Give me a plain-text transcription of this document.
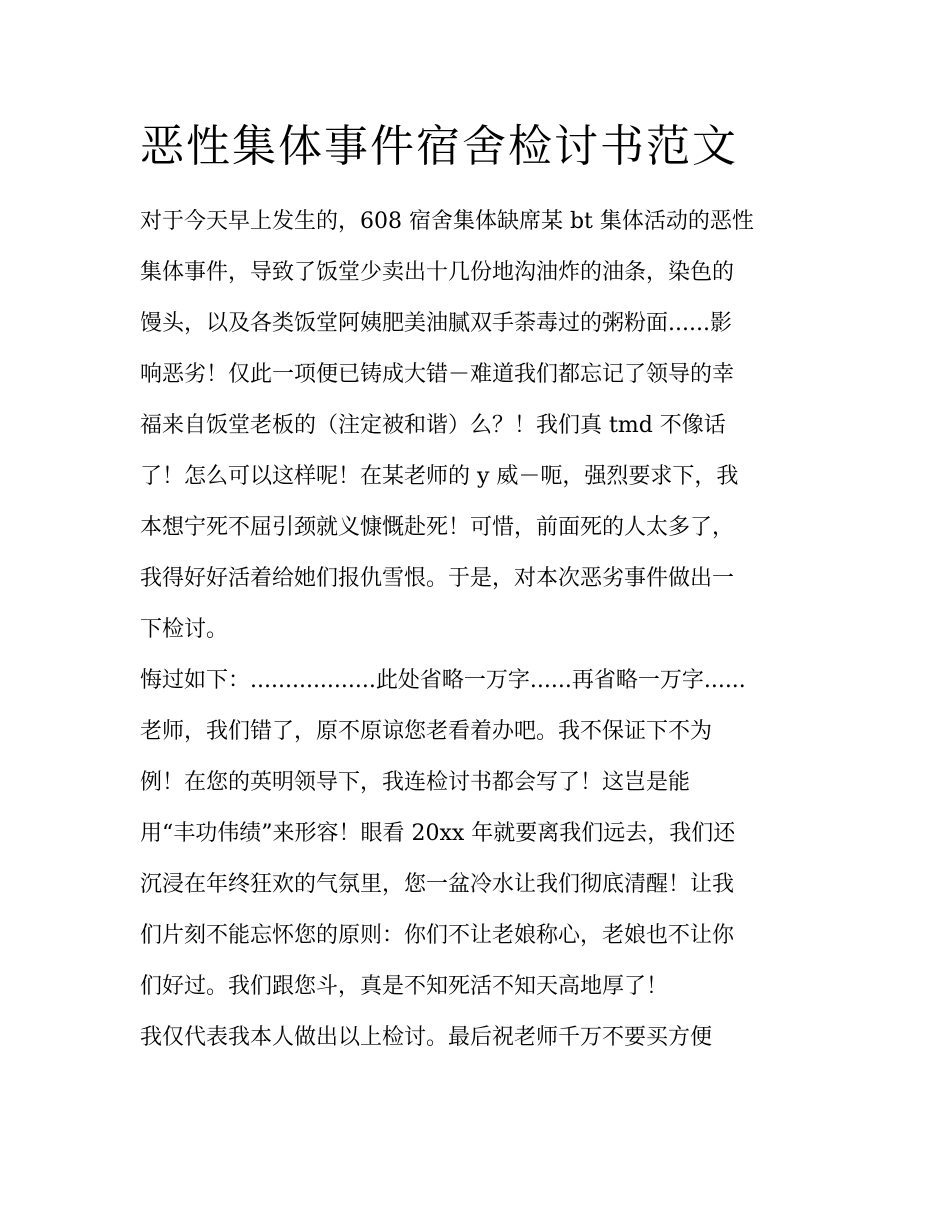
恶性集体事件宿舍检讨书范文

对于今天早上发生的，608 宿舍集体缺席某 bt 集体活动的恶性

集体事件，导致了饭堂少卖出十几份地沟油炸的油条，染色的

馒头，以及各类饭堂阿姨肥美油腻双手荼毒过的粥粉面......影

响恶劣！仅此一项便已铸成大错－难道我们都忘记了领导的幸

福来自饭堂老板的（注定被和谐）么？！我们真 tmd 不像话

了！怎么可以这样呢！在某老师的 y 威－呃，强烈要求下，我

本想宁死不屈引颈就义慷慨赴死！可惜，前面死的人太多了，

我得好好活着给她们报仇雪恨。于是，对本次恶劣事件做出一

下检讨。

悔过如下：..................此处省略一万字......再省略一万字......

老师，我们错了，原不原谅您老看着办吧。我不保证下不为

例！在您的英明领导下，我连检讨书都会写了！这岂是能

用“丰功伟绩”来形容！眼看 20xx 年就要离我们远去，我们还

沉浸在年终狂欢的气氛里，您一盆冷水让我们彻底清醒！让我

们片刻不能忘怀您的原则：你们不让老娘称心，老娘也不让你

们好过。我们跟您斗，真是不知死活不知天高地厚了！

我仅代表我本人做出以上检讨。最后祝老师千万不要买方便
